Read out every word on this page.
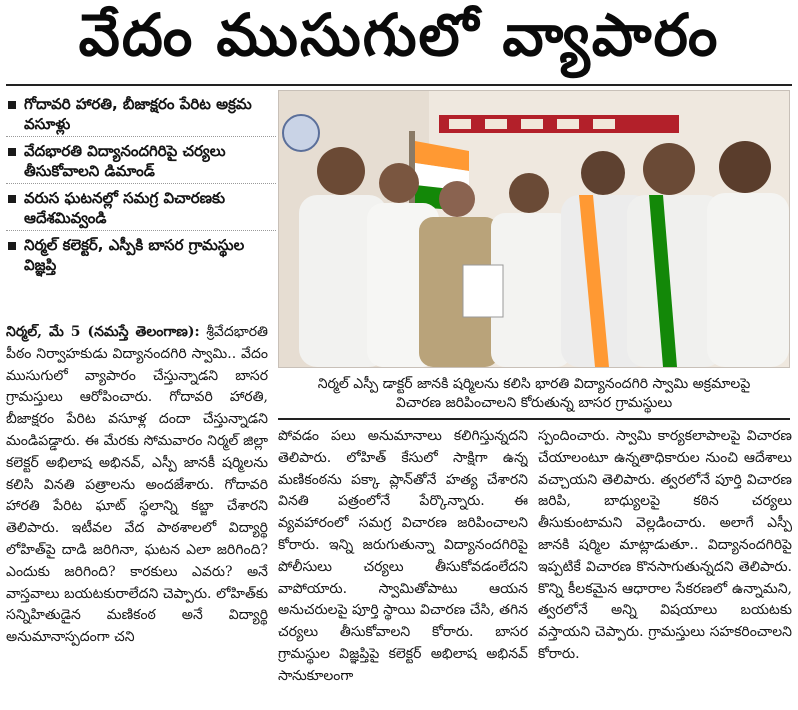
వేదం ముసుగులో వ్యాపారం
గోదావరి హారతి, బీజాక్షరం పేరిట అక్రమ వసూళ్లు
వేదభారతి విద్యానందగిరిపై చర్యలు తీసుకోవాలని డిమాండ్
వరుస ఘటనల్లో సమగ్ర విచారణకు ఆదేశమివ్వండి
నిర్మల్ కలెక్టర్, ఎస్పీకి బాసర గ్రామస్థుల విజ్ఞప్తి
నిర్మల్ ఎస్పీ డాక్టర్ జానకి షర్మిలను కలిసి భారతి విద్యానందగిరి స్వామి అక్రమాలపై
విచారణ జరిపించాలని కోరుతున్న బాసర గ్రామస్థులు
నిర్మల్, మే 5 (నమస్తే తెలంగాణ): శ్రీవేదభారతి పీఠం నిర్వాహకుడు విద్యానందగిరి స్వామి.. వేదం ముసుగులో వ్యాపారం చేస్తున్నాడని బాసర గ్రామస్తులు ఆరోపించారు. గోదావరి హారతి, బీజాక్షరం పేరిట వసూళ్ల దందా చేస్తున్నాడని మండిపడ్డారు. ఈ మేరకు సోమవారం నిర్మల్ జిల్లా కలెక్టర్ అభిలాష అభినవ్, ఎస్పీ జానకీ షర్మిలను కలిసి వినతి పత్రాలను అందజేశారు. గోదావరి హారతి పేరిట ఘాట్ స్థలాన్ని కబ్జా చేశారని తెలిపారు. ఇటీవల వేద పాఠశాలలో విద్యార్థి లోహిత్‌పై దాడి జరిగినా, ఘటన ఎలా జరిగింది? ఎందుకు జరిగింది? కారకులు ఎవరు? అనే వాస్తవాలు బయటకురాలేదని చెప్పారు. లోహిత్‌కు సన్నిహితుడైన మణికంఠ అనే విద్యార్థి అనుమానాస్పదంగా చని
పోవడం పలు అనుమానాలు కలిగిస్తున్నదని తెలిపారు. లోహిత్ కేసులో సాక్షిగా ఉన్న మణికంఠను పక్కా ప్లాన్‌తోనే హత్య చేశారని వినతి పత్రంలోనే పేర్కొన్నారు. ఈ వ్యవహారంలో సమగ్ర విచారణ జరిపించాలని కోరారు. ఇన్ని జరుగుతున్నా విద్యానందగిరిపై పోలీసులు చర్యలు తీసుకోవడంలేదని వాపోయారు. స్వామితోపాటు ఆయన అనుచరులపై పూర్తి స్థాయి విచారణ చేసి, తగిన చర్యలు తీసుకోవాలని కోరారు. బాసర గ్రామస్థుల విజ్ఞప్తిపై కలెక్టర్ అభిలాష అభినవ్ సానుకూలంగా
స్పందించారు. స్వామి కార్యకలాపాలపై విచారణ చేయాలంటూ ఉన్నతాధికారుల నుంచి ఆదేశాలు వచ్చాయని తెలిపారు. త్వరలోనే పూర్తి విచారణ జరిపి, బాధ్యులపై కఠిన చర్యలు తీసుకుంటామని వెల్లడించారు. అలాగే ఎస్పీ జానకి షర్మిల మాట్లాడుతూ.. విద్యానందగిరిపై ఇప్పటికే విచారణ కొనసాగుతున్నదని తెలిపారు. కొన్ని కీలకమైన ఆధారాల సేకరణలో ఉన్నామని, త్వరలోనే అన్ని విషయాలు బయటకు వస్తాయని చెప్పారు. గ్రామస్తులు సహకరించాలని కోరారు.
